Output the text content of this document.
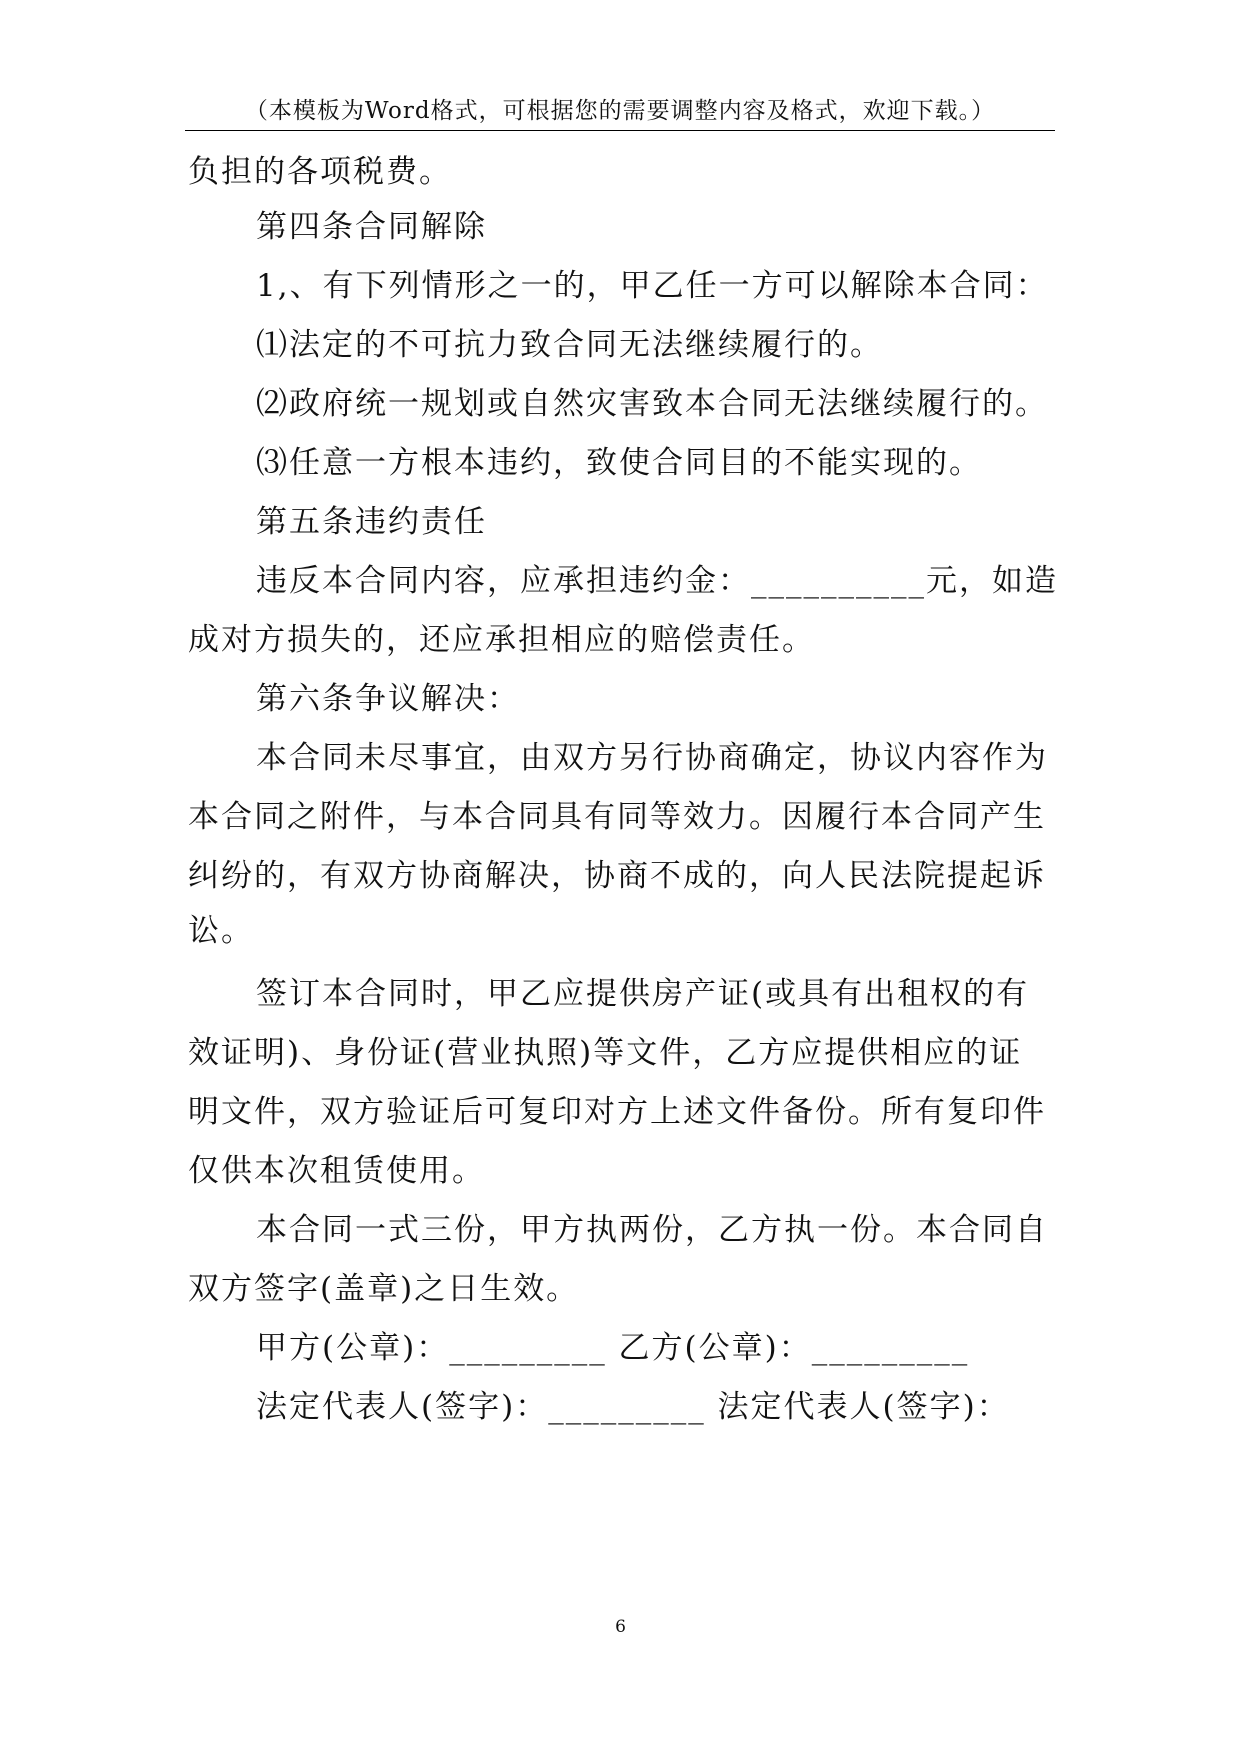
（本模板为Word格式，可根据您的需要调整内容及格式，欢迎下载。）
负担的各项税费。
第四条合同解除
1,、有下列情形之一的，甲乙任一方可以解除本合同：
⑴法定的不可抗力致合同无法继续履行的。
⑵政府统一规划或自然灾害致本合同无法继续履行的。
⑶任意一方根本违约，致使合同目的不能实现的。
第五条违约责任
违反本合同内容，应承担违约金：__________元，如造
成对方损失的，还应承担相应的赔偿责任。
第六条争议解决：
本合同未尽事宜，由双方另行协商确定，协议内容作为
本合同之附件，与本合同具有同等效力。因履行本合同产生
纠纷的，有双方协商解决，协商不成的，向人民法院提起诉
讼。
签订本合同时，甲乙应提供房产证(或具有出租权的有
效证明)、身份证(营业执照)等文件，乙方应提供相应的证
明文件，双方验证后可复印对方上述文件备份。所有复印件
仅供本次租赁使用。
本合同一式三份，甲方执两份，乙方执一份。本合同自
双方签字(盖章)之日生效。
甲方(公章)：_________ 乙方(公章)：_________
法定代表人(签字)：_________ 法定代表人(签字)：
6
